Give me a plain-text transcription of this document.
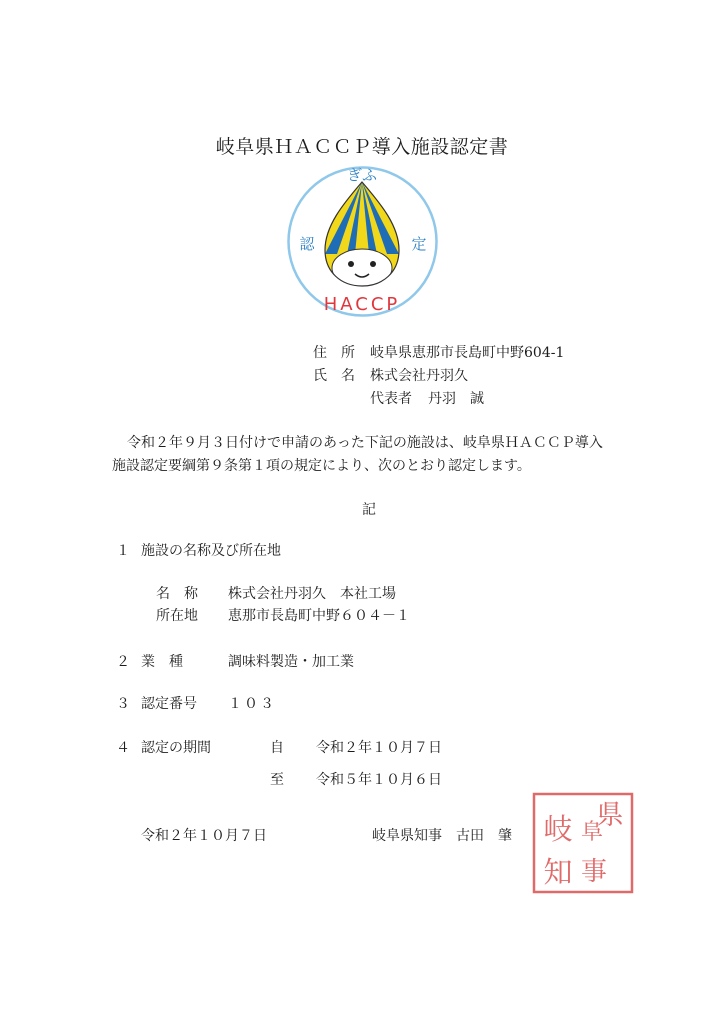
岐阜県ＨＡＣＣＰ導入施設認定書
ぎふ
認	定
HACCP
住　所 岐阜県恵那市長島町中野604-1
氏　名 株式会社丹羽久
代表者 丹羽　誠
令和２年９月３日付けで申請のあった下記の施設は、岐阜県ＨＡＣＣＰ導入
施設認定要綱第９条第１項の規定により、次のとおり認定します。
記
１ 施設の名称及び所在地
名　称 株式会社丹羽久　本社工場
所在地 恵那市長島町中野６０４－１
２ 業　種	調味料製造・加工業
３ 認定番号 １０３
４ 認定の期間	自 令和２年１０月７日
至 令和５年１０月６日
令和２年１０月７日	岐阜県知事　古田　肇
県
岐 阜
知 事
